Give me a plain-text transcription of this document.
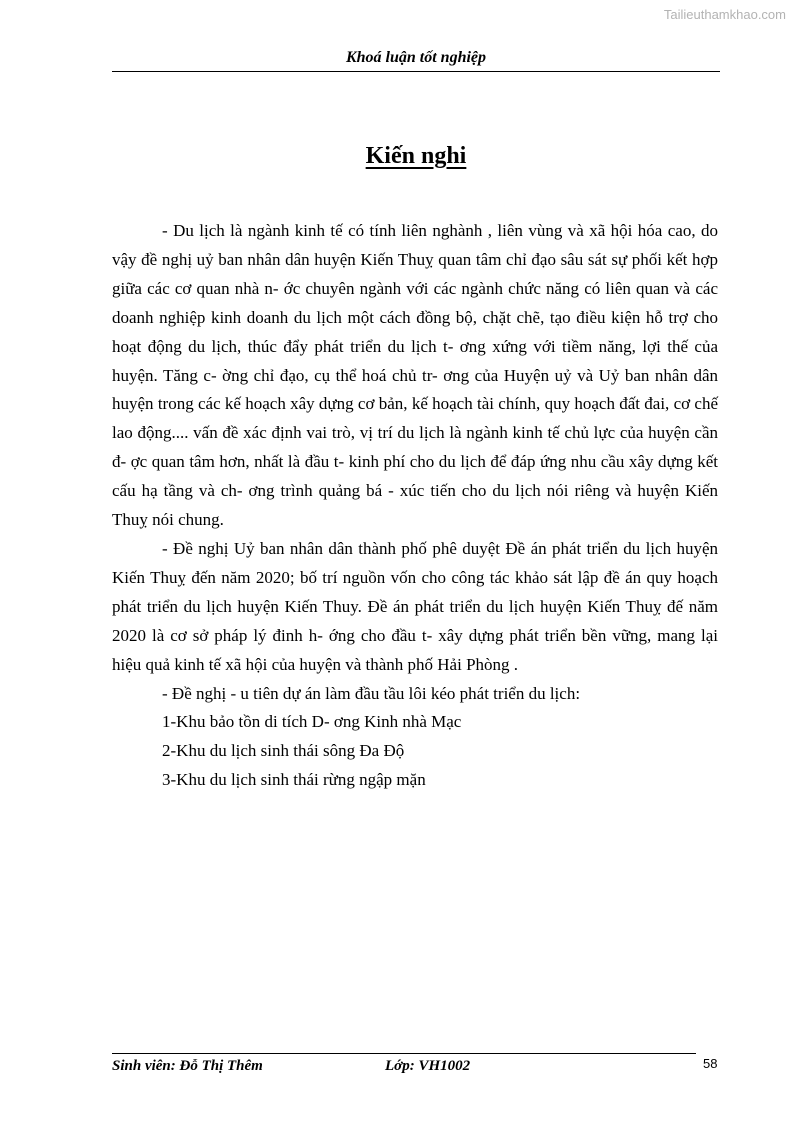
Tailieuthamkhao.com
Khoá luận tốt nghiệp
Kiến nghi

- Du lịch là ngành kinh tế có tính liên nghành , liên vùng và xã hội hóa cao, do vậy đề nghị uỷ ban nhân dân huyện Kiến Thuỵ quan tâm chỉ đạo sâu sát sự phối kết hợp giữa các cơ quan nhà n- ớc chuyên ngành với các ngành chức năng có liên quan và các doanh nghiệp kinh doanh du lịch một cách đồng bộ, chặt chẽ, tạo điều kiện hỗ trợ cho hoạt động du lịch, thúc đẩy phát triển du lịch t- ơng xứng với tiềm năng, lợi thế của huyện. Tăng c- ờng chỉ đạo, cụ thể hoá chủ tr- ơng của Huyện uỷ và Uỷ ban nhân dân huyện trong các kế hoạch xây dựng cơ bản, kế hoạch tài chính, quy hoạch đất đai, cơ chế lao động.... vấn đề xác định vai trò, vị trí du lịch là ngành kinh tế chủ lực của huyện cần đ- ợc quan tâm hơn, nhất là đầu t- kinh phí cho du lịch để đáp ứng nhu cầu xây dựng kết cấu hạ tầng và ch- ơng trình quảng bá - xúc tiến cho du lịch nói riêng và huyện Kiến Thuỵ nói chung.

- Đề nghị Uỷ ban nhân dân thành phố phê duyệt Đề án phát triển du lịch huyện Kiến Thuỵ đến năm 2020; bố trí nguồn vốn cho công tác khảo sát lập đề án quy hoạch phát triển du lịch huyện Kiến Thuy. Đề án phát triển du lịch huyện Kiến Thuỵ đế năm 2020 là cơ sở pháp lý đinh h- ớng cho đầu t- xây dựng phát triển bền vững, mang lại hiệu quả kinh tế xã hội của huyện và thành phố Hải Phòng .

- Đề nghị - u tiên dự án làm đầu tầu lôi kéo phát triển du lịch:

1-Khu bảo tồn di tích D- ơng Kinh nhà Mạc
2-Khu du lịch sinh thái sông Đa Độ
3-Khu du lịch sinh thái rừng ngập mặn
Sinh viên: Đỗ Thị Thêm	Lớp: VH1002	58
